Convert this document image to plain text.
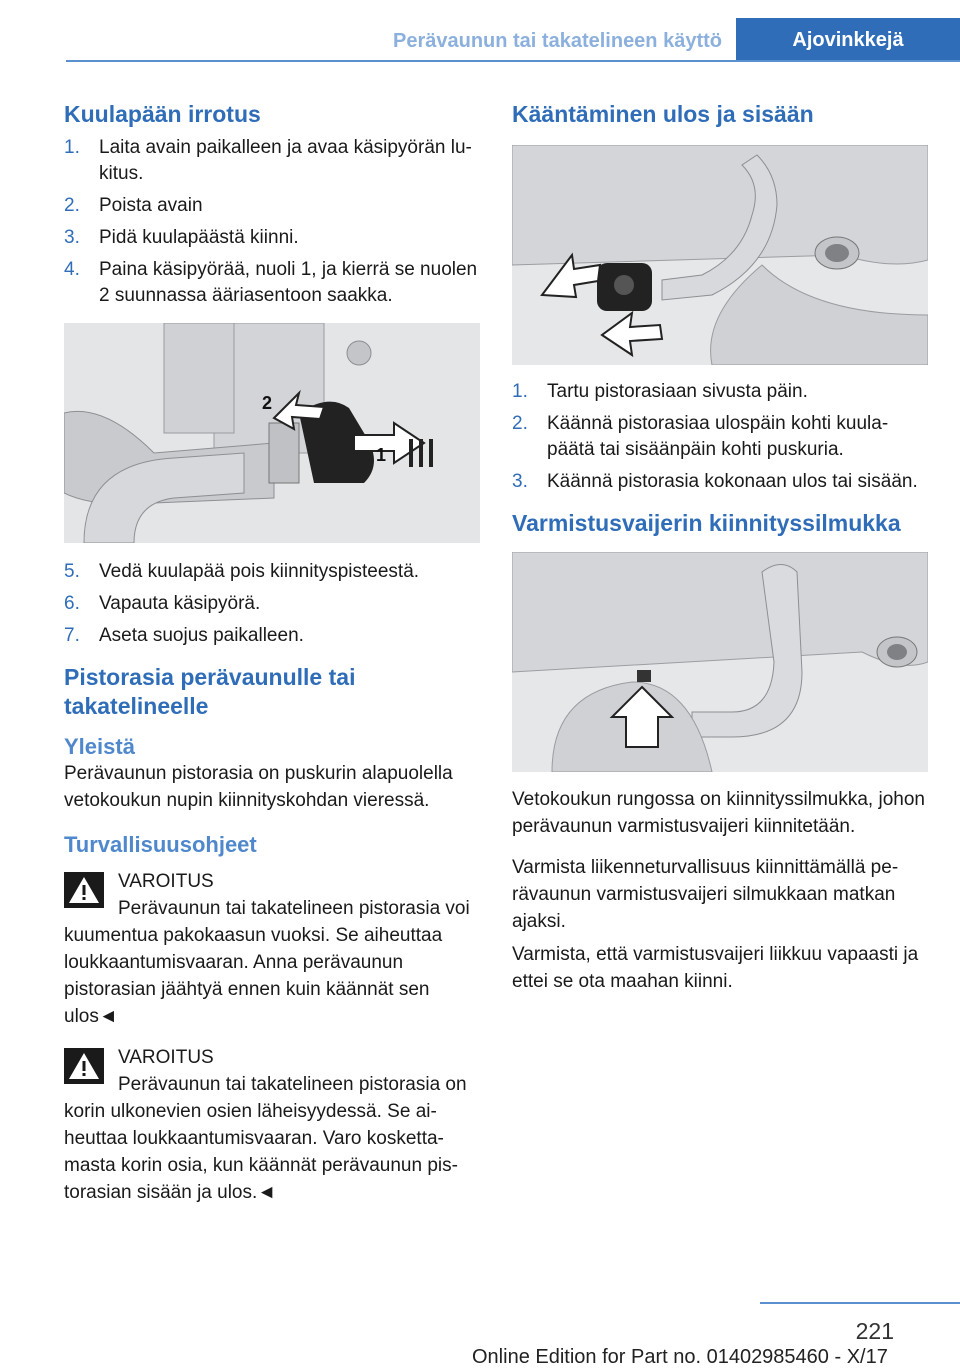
Perävaunun tai takatelineen käyttö	Ajovinkkejä
Kuulapään irrotus
1. Laita avain paikalleen ja avaa käsipyörän lukitus.
2. Poista avain
3. Pidä kuulapäästä kiinni.
4. Paina käsipyörää, nuoli 1, ja kierrä se nuolen 2 suunnassa ääriasentoon saakka.
2
1
5. Vedä kuulapää pois kiinnityspisteestä.
6. Vapauta käsipyörä.
7. Aseta suojus paikalleen.
Pistorasia perävaunulle tai takatelineelle
Yleistä

Perävaunun pistorasia on puskurin alapuolella vetokoukun nupin kiinnityskohdan vieressä.

Turvallisuusohjeet

VAROITUS

Perävaunun tai takatelineen pistorasia voi kuumentua pakokaasun vuoksi. Se aiheuttaa loukkaantumisvaaran. Anna perävaunun pistorasian jäähtyä ennen kuin käännät sen ulos◄

VAROITUS

Perävaunun tai takatelineen pistorasia on korin ulkonevien osien läheisyydessä. Se aiheuttaa loukkaantumisvaaran. Varo koskettamasta korin osia, kun käännät perävaunun pistorasian sisään ja ulos.◄

Kääntäminen ulos ja sisään
1. Tartu pistorasiaan sivusta päin.
2. Käännä pistorasiaa ulospäin kohti kuulapäätä tai sisäänpäin kohti puskuria.
3. Käännä pistorasia kokonaan ulos tai sisään.
Varmistusvaijerin kiinnityssilmukka

Vetokoukun rungossa on kiinnityssilmukka, johon perävaunun varmistusvaijeri kiinnitetään.

Varmista liikenneturvallisuus kiinnittämällä perävaunun varmistusvaijeri silmukkaan matkan ajaksi.

Varmista, että varmistusvaijeri liikkuu vapaasti ja ettei se ota maahan kiinni.

221
Online Edition for Part no. 01402985460 - X/17
